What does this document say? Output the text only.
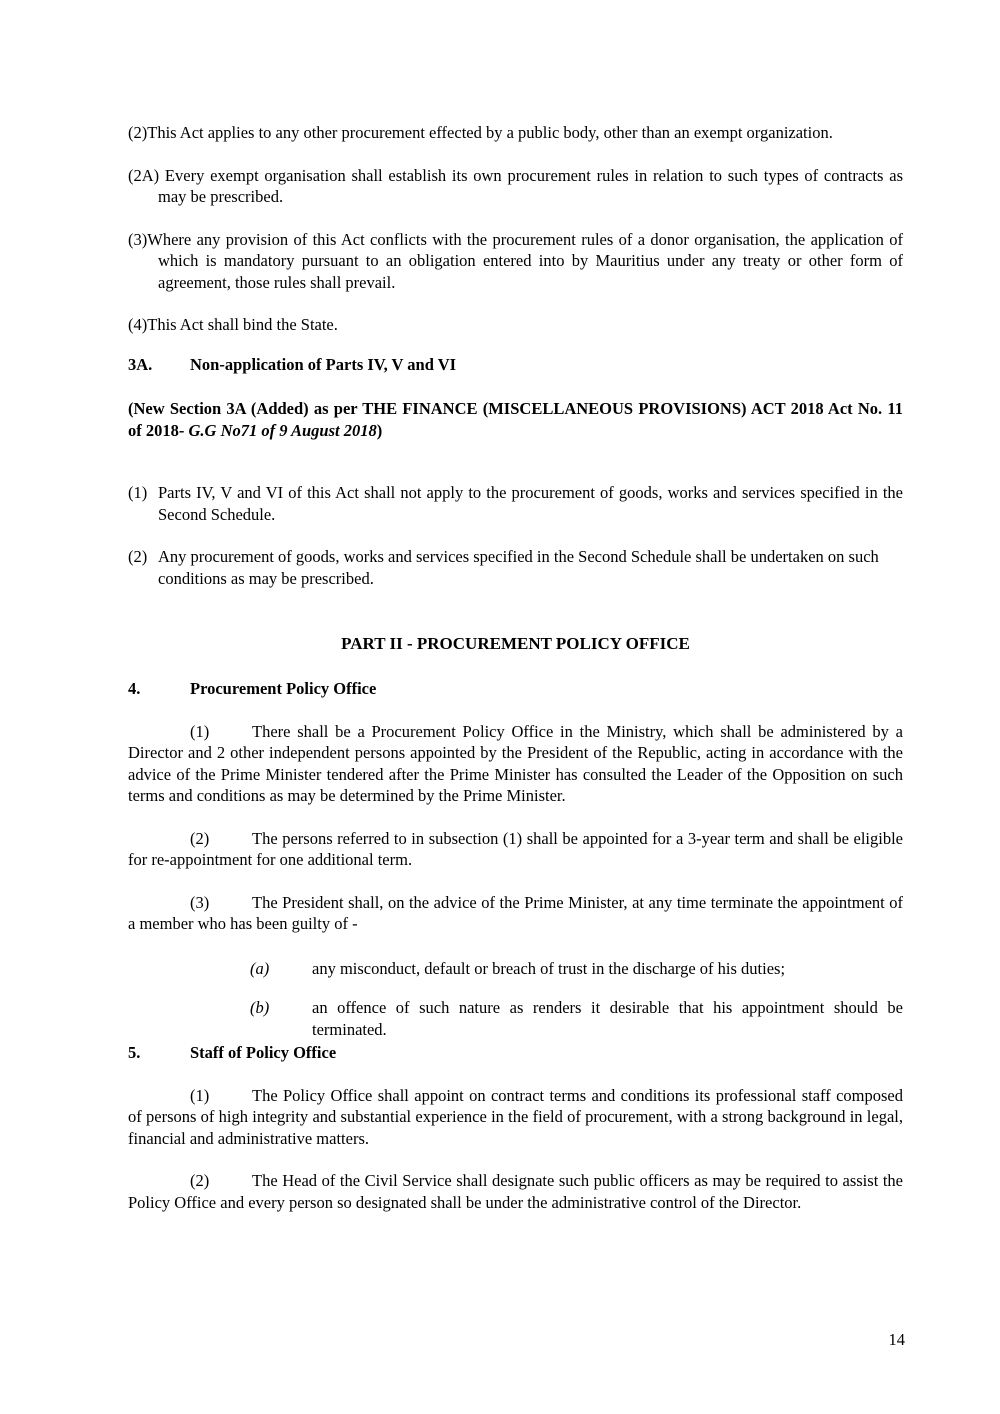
(2)This Act applies to any other procurement effected by a public body, other than an exempt organization.

(2A) Every exempt organisation shall establish its own procurement rules in relation to such types of contracts as may be prescribed.

(3)Where any provision of this Act conflicts with the procurement rules of a donor organisation, the application of which is mandatory pursuant to an obligation entered into by Mauritius under any treaty or other form of agreement, those rules shall prevail.

(4)This Act shall bind the State.

3A. Non-application of Parts IV, V and VI

(New Section 3A (Added) as per THE FINANCE (MISCELLANEOUS PROVISIONS) ACT 2018 Act No. 11 of 2018- G.G No71 of 9 August 2018)

(1) Parts IV, V and VI of this Act shall not apply to the procurement of goods, works and services specified in the Second Schedule.

(2) Any procurement of goods, works and services specified in the Second Schedule shall be undertaken on such conditions as may be prescribed.

PART II - PROCUREMENT POLICY OFFICE
4.	Procurement Policy Office

(1)	There shall be a Procurement Policy Office in the Ministry, which shall be administered by a Director and 2 other independent persons appointed by the President of the Republic, acting in accordance with the advice of the Prime Minister tendered after the Prime Minister has consulted the Leader of the Opposition on such terms and conditions as may be determined by the Prime Minister.

(2)	The persons referred to in subsection (1) shall be appointed for a 3-year term and shall be eligible for re-appointment for one additional term.

(3)	The President shall, on the advice of the Prime Minister, at any time terminate the appointment of a member who has been guilty of -

(a)	any misconduct, default or breach of trust in the discharge of his duties;

(b)	an offence of such nature as renders it desirable that his appointment should be terminated.

5.	Staff of Policy Office

(1)	The Policy Office shall appoint on contract terms and conditions its professional staff composed of persons of high integrity and substantial experience in the field of procurement, with a strong background in legal, financial and administrative matters.

(2)	The Head of the Civil Service shall designate such public officers as may be required to assist the Policy Office and every person so designated shall be under the administrative control of the Director.

14
